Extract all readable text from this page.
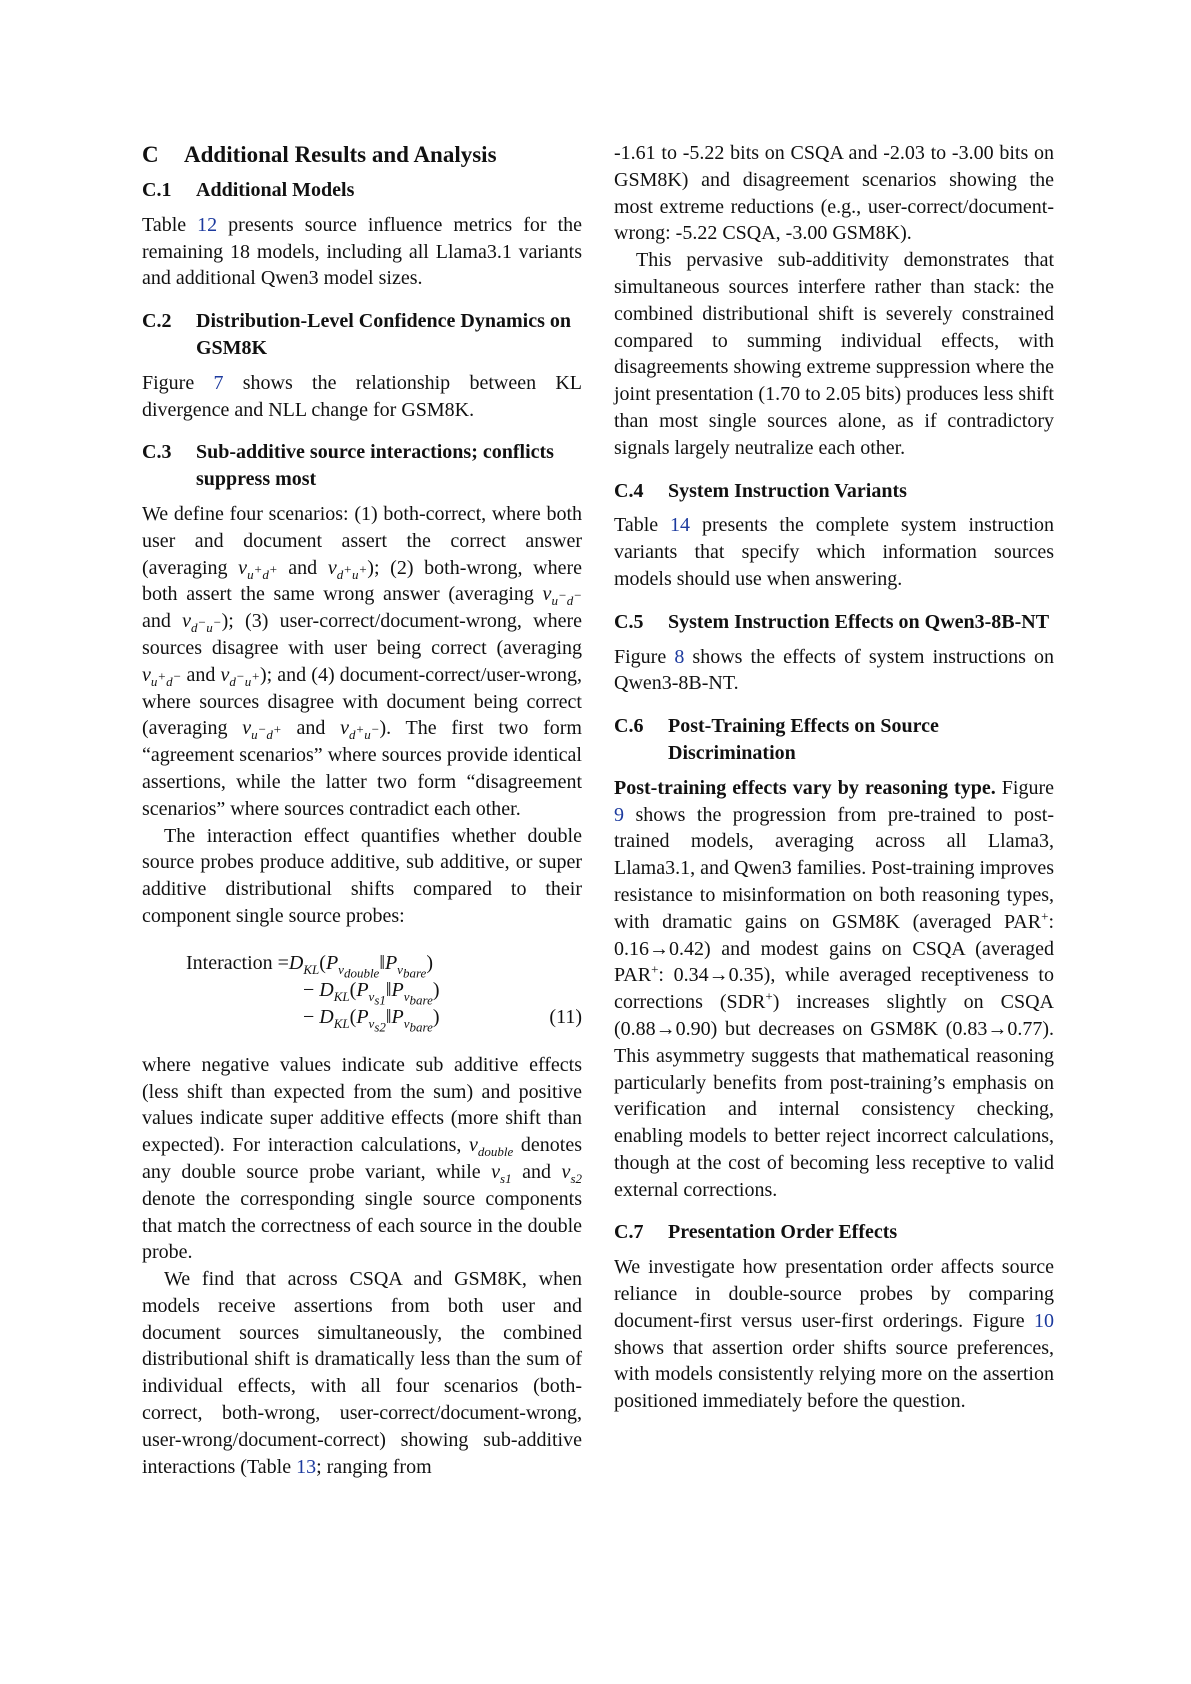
C Additional Results and Analysis
C.1 Additional Models

Table 12 presents source influence metrics for the remaining 18 models, including all Llama3.1 variants and additional Qwen3 model sizes.

C.2 Distribution-Level Confidence Dynamics on GSM8K

Figure 7 shows the relationship between KL divergence and NLL change for GSM8K.

C.3 Sub-additive source interactions; conflicts suppress most

We define four scenarios: (1) both-correct, where both user and document assert the correct answer (averaging $v_{u^+d^+}$ and $v_{d^+u^+}$); (2) both-wrong, where both assert the same wrong answer (averaging $v_{u^-d^-}$ and $v_{d^-u^-}$); (3) user-correct/document-wrong, where sources disagree with user being correct (averaging $v_{u^+d^-}$ and $v_{d^-u^+}$); and (4) document-correct/user-wrong, where sources disagree with document being correct (averaging $v_{u^-d^+}$ and $v_{d^+u^-}$). The first two form “agreement scenarios” where sources provide identical assertions, while the latter two form “disagreement scenarios” where sources contradict each other.

The interaction effect quantifies whether double source probes produce additive, sub additive, or super additive distributional shifts compared to their component single source probes:

Interaction $=D_{KL}(P_{v_{double}}‖P_{v_{bare}})$
− $D_{KL}(P_{v_{s1}}‖P_{v_{bare}})$
− $D_{KL}(P_{v_{s2}}‖P_{v_{bare}})$	(11)

where negative values indicate sub additive effects (less shift than expected from the sum) and positive values indicate super additive effects (more shift than expected). For interaction calculations, $v_{double}$ denotes any double source probe variant, while $v_{s1}$ and $v_{s2}$ denote the corresponding single source components that match the correctness of each source in the double probe.

We find that across CSQA and GSM8K, when models receive assertions from both user and document sources simultaneously, the combined distributional shift is dramatically less than the sum of individual effects, with all four scenarios (both-correct, both-wrong, user-correct/document-wrong, user-wrong/document-correct) showing sub-additive interactions (Table 13; ranging from

-1.61 to -5.22 bits on CSQA and -2.03 to -3.00 bits on GSM8K) and disagreement scenarios showing the most extreme reductions (e.g., user-correct/document-wrong: -5.22 CSQA, -3.00 GSM8K).

This pervasive sub-additivity demonstrates that simultaneous sources interfere rather than stack: the combined distributional shift is severely constrained compared to summing individual effects, with disagreements showing extreme suppression where the joint presentation (1.70 to 2.05 bits) produces less shift than most single sources alone, as if contradictory signals largely neutralize each other.

C.4 System Instruction Variants

Table 14 presents the complete system instruction variants that specify which information sources models should use when answering.

C.5 System Instruction Effects on Qwen3-8B-NT

Figure 8 shows the effects of system instructions on Qwen3-8B-NT.

C.6 Post-Training Effects on Source Discrimination

Post-training effects vary by reasoning type. Figure 9 shows the progression from pre-trained to post-trained models, averaging across all Llama3, Llama3.1, and Qwen3 families. Post-training improves resistance to misinformation on both reasoning types, with dramatic gains on GSM8K (averaged PAR+: 0.16→0.42) and modest gains on CSQA (averaged PAR+: 0.34→0.35), while averaged receptiveness to corrections (SDR+) increases slightly on CSQA (0.88→0.90) but decreases on GSM8K (0.83→0.77). This asymmetry suggests that mathematical reasoning particularly benefits from post-training’s emphasis on verification and internal consistency checking, enabling models to better reject incorrect calculations, though at the cost of becoming less receptive to valid external corrections.

C.7 Presentation Order Effects

We investigate how presentation order affects source reliance in double-source probes by comparing document-first versus user-first orderings. Figure 10 shows that assertion order shifts source preferences, with models consistently relying more on the assertion positioned immediately before the question.
